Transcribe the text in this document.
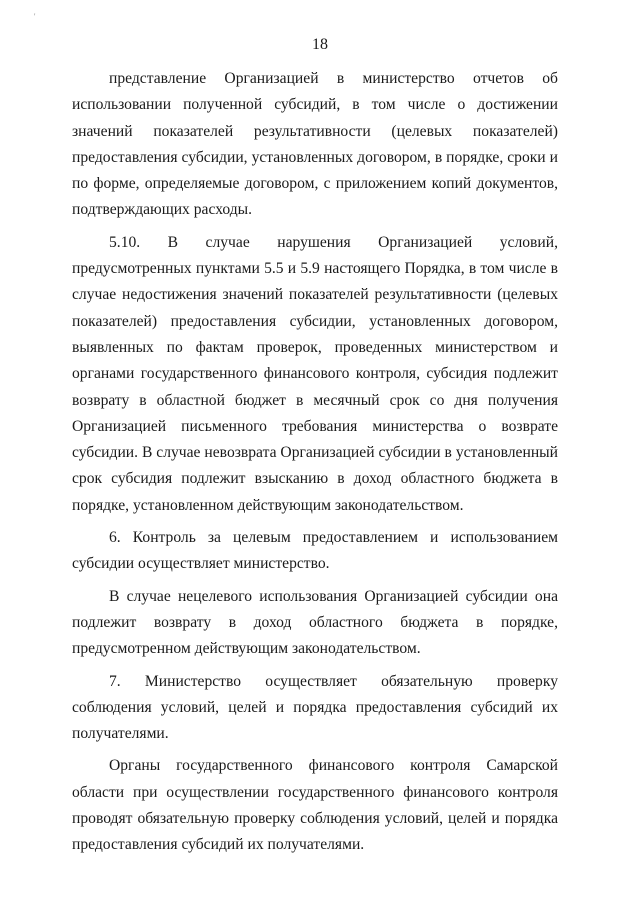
'
18

представление Организацией в министерство отчетов об использовании полученной субсидий, в том числе о достижении значений показателей результативности (целевых показателей) предоставления субсидии, установленных договором, в порядке, сроки и по форме, определяемые договором, с приложением копий документов, подтверждающих расходы.

5.10. В случае нарушения Организацией условий, предусмотренных пунктами 5.5 и 5.9 настоящего Порядка, в том числе в случае недостижения значений показателей результативности (целевых показателей) предоставления субсидии, установленных договором, выявленных по фактам проверок, проведенных министерством и органами государственного финансового контроля, субсидия подлежит возврату в областной бюджет в месячный срок со дня получения Организацией письменного требования министерства о возврате субсидии. В случае невозврата Организацией субсидии в установленный срок субсидия подлежит взысканию в доход областного бюджета в порядке, установленном действующим законодательством.

6. Контроль за целевым предоставлением и использованием субсидии осуществляет министерство.

В случае нецелевого использования Организацией субсидии она подлежит возврату в доход областного бюджета в порядке, предусмотренном действующим законодательством.

7. Министерство осуществляет обязательную проверку соблюдения условий, целей и порядка предоставления субсидий их получателями.

Органы государственного финансового контроля Самарской области при осуществлении государственного финансового контроля проводят обязательную проверку соблюдения условий, целей и порядка предоставления субсидий их получателями.
